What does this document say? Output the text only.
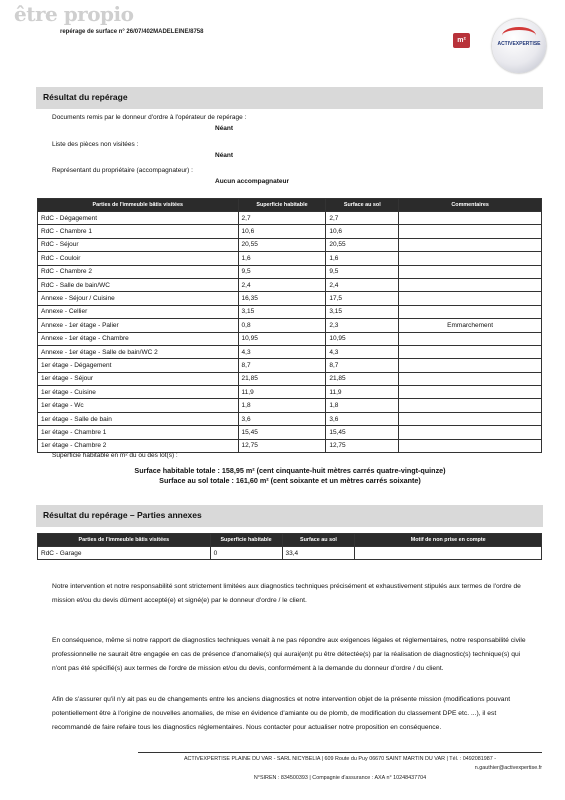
être propio
repérage de surface n° 26/07/402MADELEINE/8758
m²	ACTIVEXPERTISE
Résultat du repérage
Documents remis par le donneur d'ordre à l'opérateur de repérage :
Néant
Liste des pièces non visitées :
Néant
Représentant du propriétaire (accompagnateur) :
Aucun accompagnateur
Parties de l'immeuble bâtis visitées	Superficie habitable	Surface au sol	Commentaires
RdC - Dégagement	2,7	2,7	
RdC - Chambre 1	10,6	10,6	
RdC - Séjour	20,55	20,55	
RdC - Couloir	1,6	1,6	
RdC - Chambre 2	9,5	9,5	
RdC - Salle de bain/WC	2,4	2,4	
Annexe - Séjour / Cuisine	16,35	17,5	
Annexe - Cellier	3,15	3,15	
Annexe - 1er étage - Palier	0,8	2,3	Emmarchement
Annexe - 1er étage - Chambre	10,95	10,95	
Annexe - 1er étage - Salle de bain/WC 2	4,3	4,3	
1er étage - Dégagement	8,7	8,7	
1er étage - Séjour	21,85	21,85	
1er étage - Cuisine	11,9	11,9	
1er étage - Wc	1,8	1,8	
1er étage - Salle de bain	3,6	3,6	
1er étage - Chambre 1	15,45	15,45	
1er étage - Chambre 2	12,75	12,75	
Superficie habitable en m² du ou des lot(s) :
Surface habitable totale : 158,95 m² (cent cinquante-huit mètres carrés quatre-vingt-quinze)
Surface au sol totale : 161,60 m² (cent soixante et un mètres carrés soixante)
Résultat du repérage – Parties annexes
Parties de l'immeuble bâtis visitées	Superficie habitable	Surface au sol	Motif de non prise en compte
RdC - Garage	0	33,4	
Notre intervention et notre responsabilité sont strictement limitées aux diagnostics techniques précisément et exhaustivement stipulés aux termes de l'ordre de mission et/ou du devis dûment accepté(e) et signé(e) par le donneur d'ordre / le client.
En conséquence, même si notre rapport de diagnostics techniques venait à ne pas répondre aux exigences légales et réglementaires, notre responsabilité civile professionnelle ne saurait être engagée en cas de présence d'anomalie(s) qui aurai(en)t pu être détectée(s) par la réalisation de diagnostic(s) technique(s) qui n'ont pas été spécifié(s) aux termes de l'ordre de mission et/ou du devis, conformément à la demande du donneur d'ordre / du client.
Afin de s'assurer qu'il n'y ait pas eu de changements entre les anciens diagnostics et notre intervention objet de la présente mission (modifications pouvant potentiellement être à l'origine de nouvelles anomalies, de mise en évidence d'amiante ou de plomb, de modification du classement DPE etc. ...), il est recommandé de faire refaire tous les diagnostics réglementaires. Nous contacter pour actualiser notre proposition en conséquence.
ACTIVEXPERTISE PLAINE DU VAR - SARL NICYBELIA | 609 Route du Puy 06670 SAINT MARTIN DU VAR | Tél. : 0492081987 -
n.gauthier@activexpertise.fr
N°SIREN : 834500393 | Compagnie d'assurance : AXA n° 10248437704
